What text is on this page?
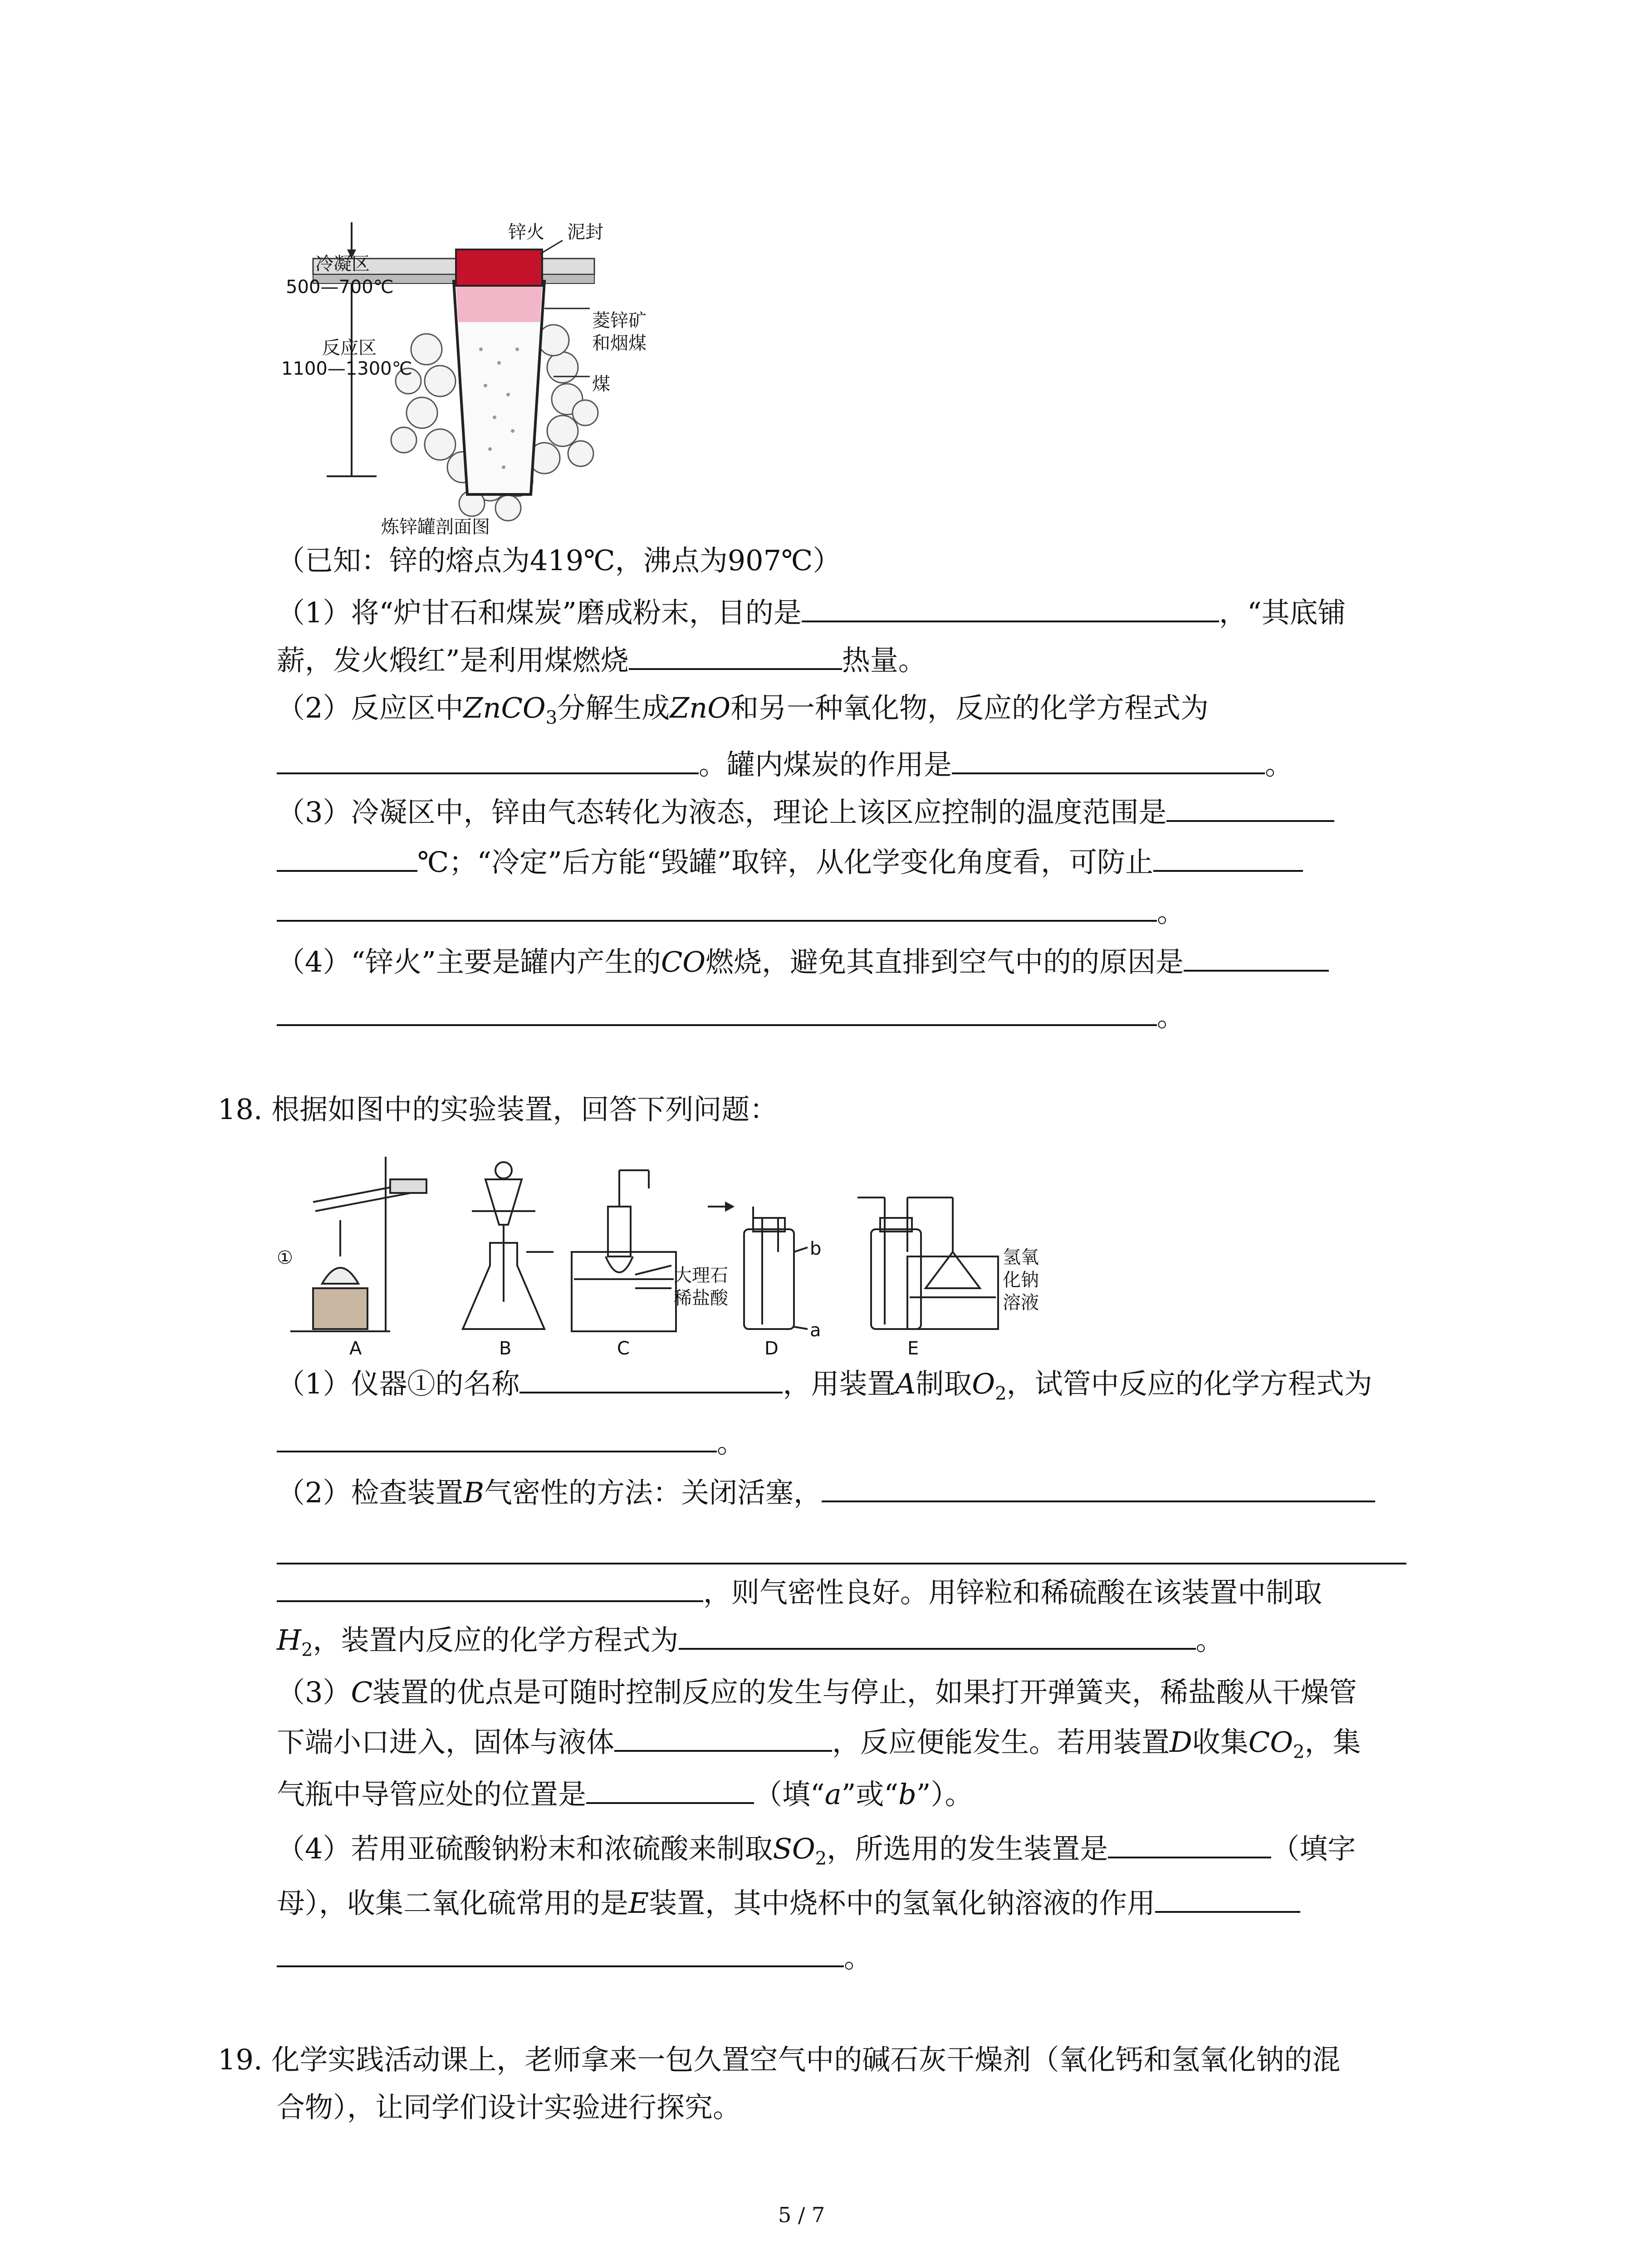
锌火 泥封
冷凝区
500—700℃
菱锌矿
和烟煤
反应区
1100—1300℃
煤
炼锌罐剖面图
（已知：锌的熔点为419℃，沸点为907℃）
（1）将“炉甘石和煤炭”磨成粉末，目的是	，“其底铺
薪，发火煅红”是利用煤燃烧	热量。
（2）反应区中ZnCO$_3$分解生成ZnO和另一种氧化物，反应的化学方程式为
。罐内煤炭的作用是	。
（3）冷凝区中，锌由气态转化为液态，理论上该区应控制的温度范围是
℃；“冷定”后方能“毁罐”取锌，从化学变化角度看，可防止
。
（4）“锌火”主要是罐内产生的CO燃烧，避免其直排到空气中的的原因是
。
18. 根据如图中的实验装置，回答下列问题：
①
A	B	C	D	E
大理石
稀盐酸
b
a
氢氧
化钠
溶液
（1）仪器①的名称	，用装置A制取$O_2$，试管中反应的化学方程式为
。
（2）检查装置B气密性的方法：关闭活塞，
，则气密性良好。用锌粒和稀硫酸在该装置中制取
$H_2$，装置内反应的化学方程式为	。
（3）C装置的优点是可随时控制反应的发生与停止，如果打开弹簧夹，稀盐酸从干燥管
下端小口进入，固体与液体	，反应便能发生。若用装置D收集$CO_2$，集
气瓶中导管应处的位置是	（填“a”或“b”）。
（4）若用亚硫酸钠粉末和浓硫酸来制取$SO_2$，所选用的发生装置是	（填字
母），收集二氧化硫常用的是E装置，其中烧杯中的氢氧化钠溶液的作用
。
19. 化学实践活动课上，老师拿来一包久置空气中的碱石灰干燥剂（氧化钙和氢氧化钠的混
合物），让同学们设计实验进行探究。
5 / 7
